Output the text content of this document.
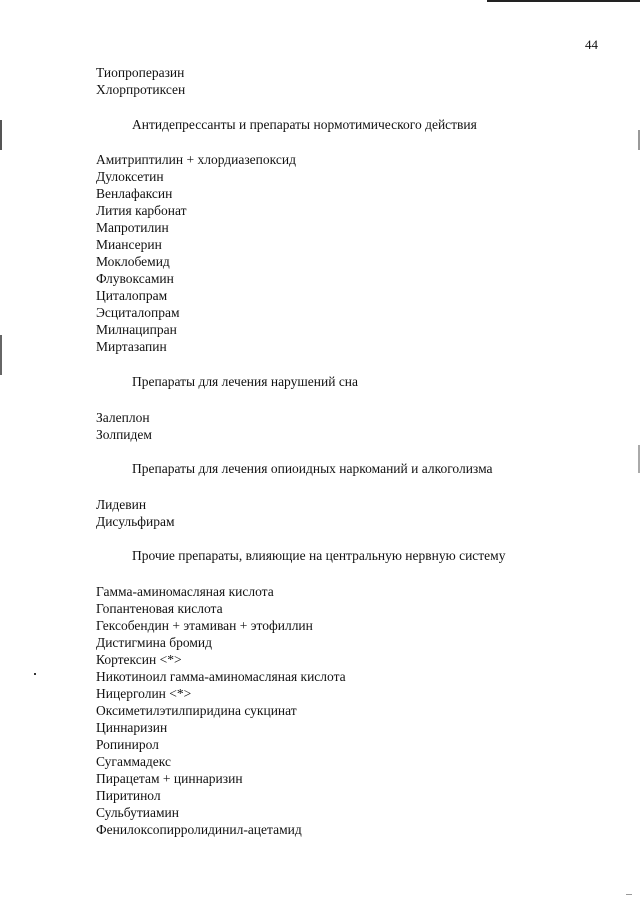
44
Тиопроперазин
Хлорпротиксен
Антидепрессанты и препараты нормотимического действия
Амитриптилин + хлордиазепоксид
Дулоксетин
Венлафаксин
Лития карбонат
Мапротилин
Миансерин
Моклобемид
Флувоксамин
Циталопрам
Эсциталопрам
Милнаципран
Миртазапин
Препараты для лечения нарушений сна
Залеплон
Золпидем
Препараты для лечения опиоидных наркоманий и алкоголизма
Лидевин
Дисульфирам
Прочие препараты, влияющие на центральную нервную систему
Гамма-аминомасляная кислота
Гопантеновая кислота
Гексобендин + этамиван + этофиллин
Дистигмина бромид
Кортексин <*>
Никотиноил гамма-аминомасляная кислота
Ницерголин <*>
Оксиметилэтилпиридина сукцинат
Циннаризин
Ропинирол
Сугаммадекс
Пирацетам + циннаризин
Пиритинол
Сульбутиамин
Фенилоксопирролидинил-ацетамид
